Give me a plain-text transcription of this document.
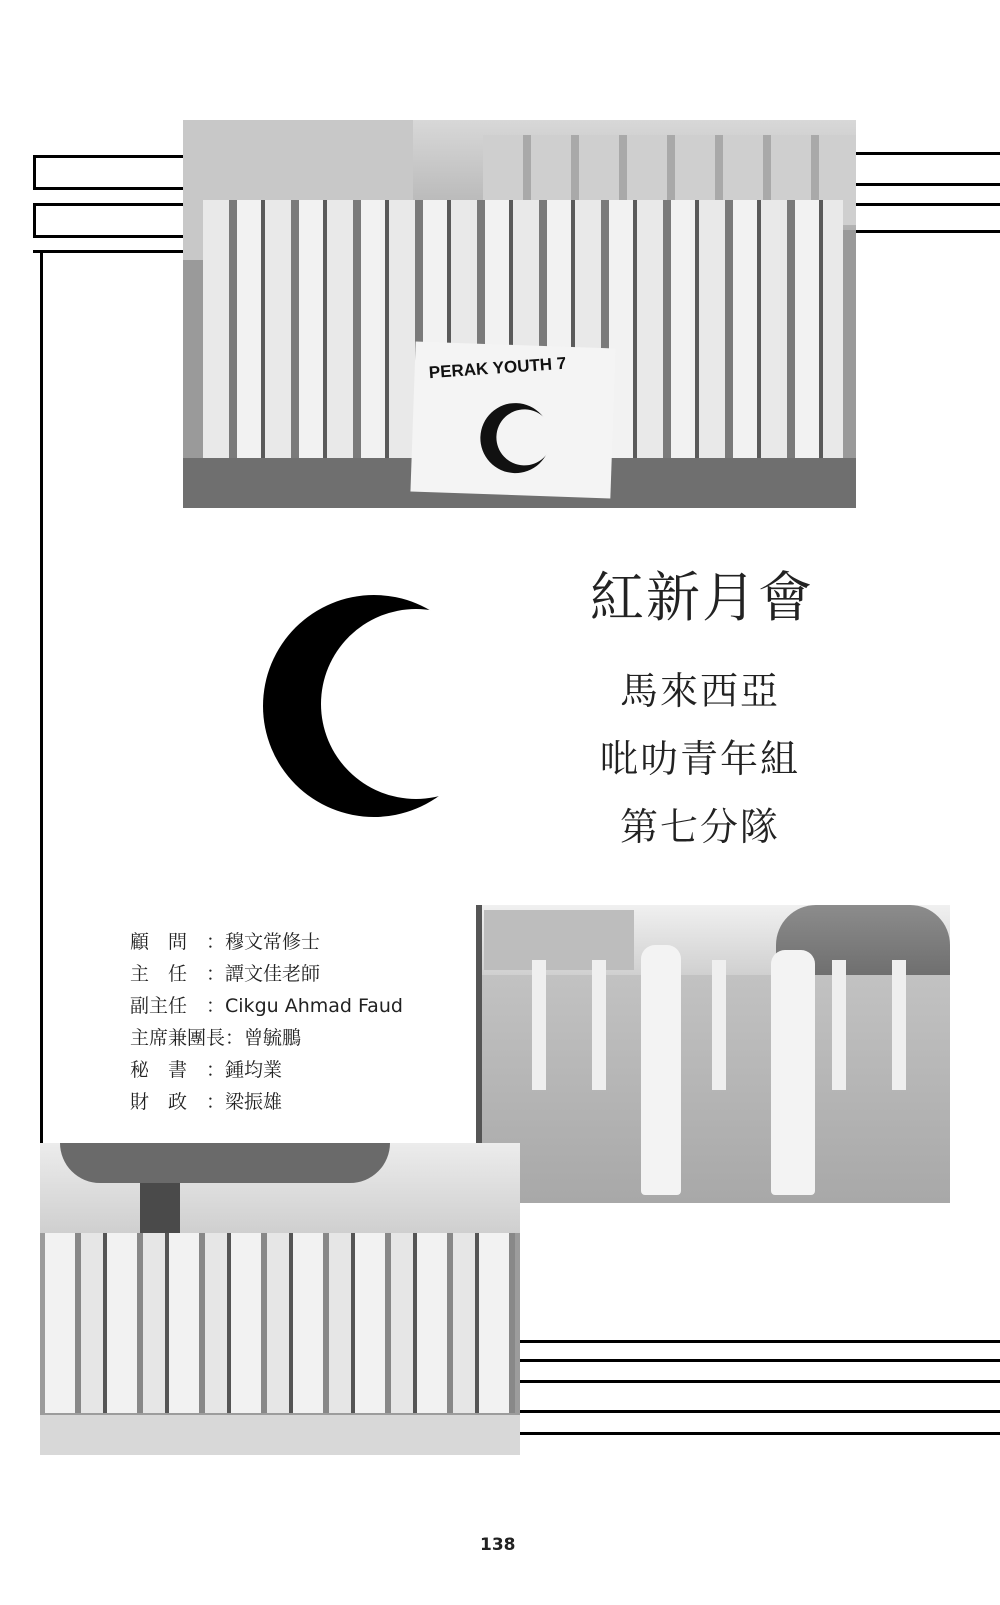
PERAK YOUTH 7
紅新月會
馬來西亞
吡叻青年組
第七分隊
顧　問 ：穆文常修士
主　任 ：譚文佳老師
副主任 ：Cikgu Ahmad Faud
主席兼團長：曾毓鵬
秘　書 ：鍾均業
財　政 ：梁振雄
138
